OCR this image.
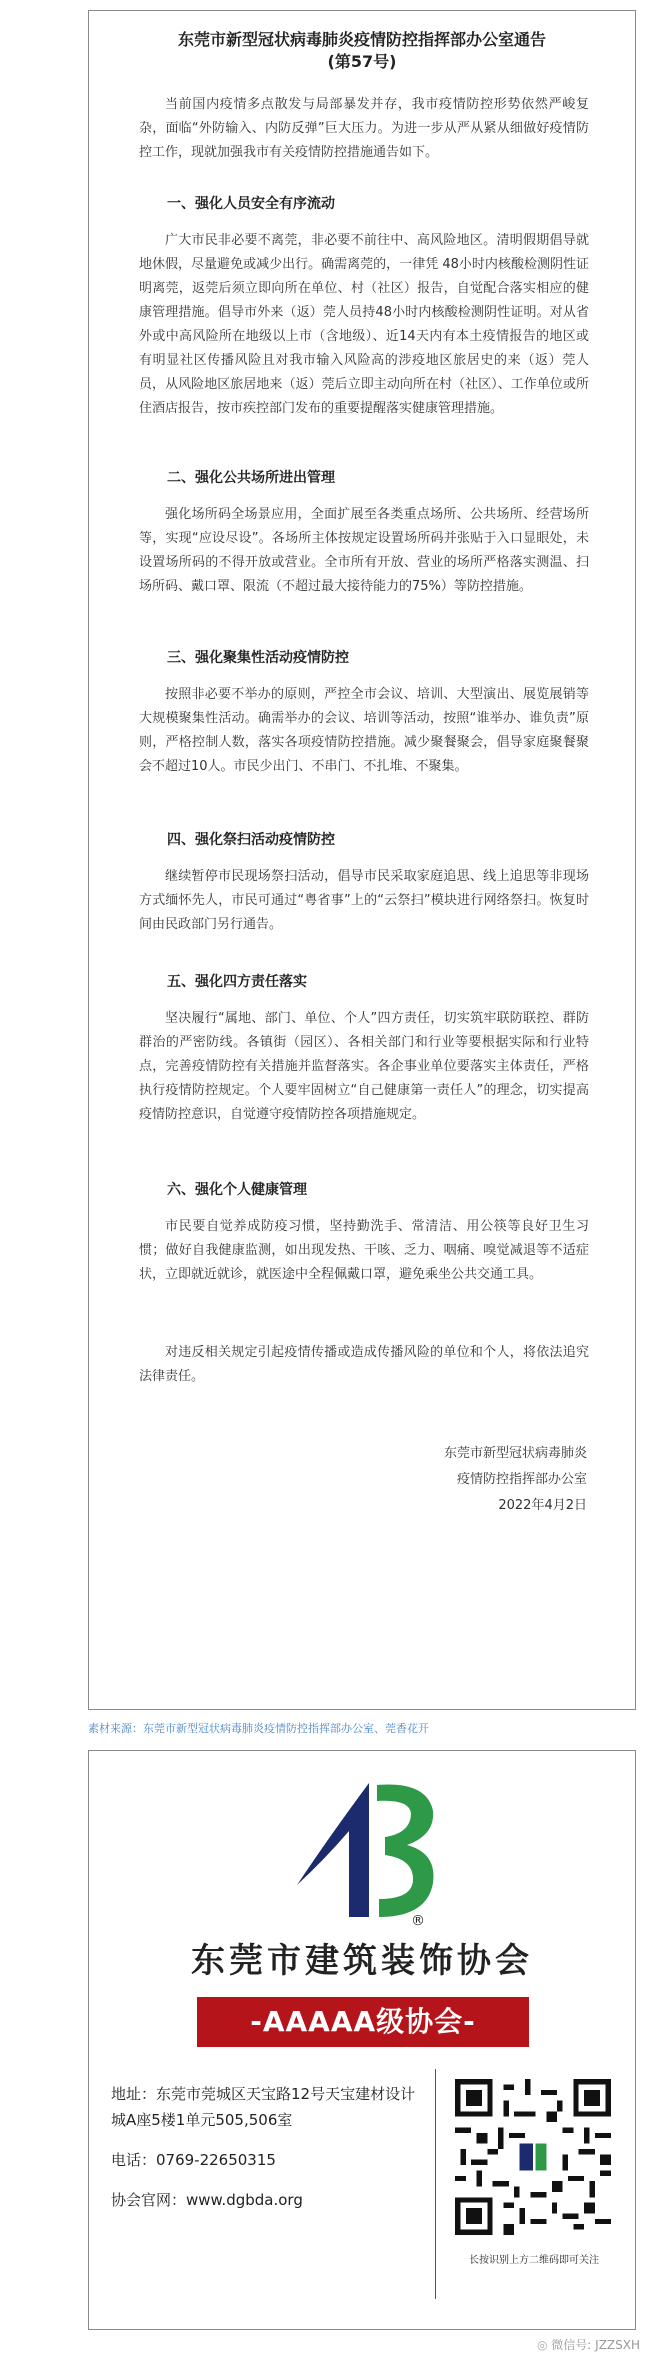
东莞市新型冠状病毒肺炎疫情防控指挥部办公室通告
(第57号)
当前国内疫情多点散发与局部暴发并存，我市疫情防控形势依然严峻复杂，面临“外防输入、内防反弹”巨大压力。为进一步从严从紧从细做好疫情防控工作，现就加强我市有关疫情防控措施通告如下。
一、强化人员安全有序流动
广大市民非必要不离莞，非必要不前往中、高风险地区。清明假期倡导就地休假，尽量避免或减少出行。确需离莞的，一律凭 48小时内核酸检测阴性证明离莞，返莞后须立即向所在单位、村（社区）报告，自觉配合落实相应的健康管理措施。倡导市外来（返）莞人员持48小时内核酸检测阴性证明。对从省外或中高风险所在地级以上市（含地级）、近14天内有本土疫情报告的地区或有明显社区传播风险且对我市输入风险高的涉疫地区旅居史的来（返）莞人员，从风险地区旅居地来（返）莞后立即主动向所在村（社区）、工作单位或所住酒店报告，按市疾控部门发布的重要提醒落实健康管理措施。
二、强化公共场所进出管理
强化场所码全场景应用，全面扩展至各类重点场所、公共场所、经营场所等，实现“应设尽设”。各场所主体按规定设置场所码并张贴于入口显眼处，未设置场所码的不得开放或营业。全市所有开放、营业的场所严格落实测温、扫场所码、戴口罩、限流（不超过最大接待能力的75%）等防控措施。
三、强化聚集性活动疫情防控
按照非必要不举办的原则，严控全市会议、培训、大型演出、展览展销等大规模聚集性活动。确需举办的会议、培训等活动，按照“谁举办、谁负责”原则，严格控制人数，落实各项疫情防控措施。减少聚餐聚会，倡导家庭聚餐聚会不超过10人。市民少出门、不串门、不扎堆、不聚集。
四、强化祭扫活动疫情防控
继续暂停市民现场祭扫活动，倡导市民采取家庭追思、线上追思等非现场方式缅怀先人，市民可通过“粤省事”上的“云祭扫”模块进行网络祭扫。恢复时间由民政部门另行通告。
五、强化四方责任落实
坚决履行“属地、部门、单位、个人”四方责任，切实筑牢联防联控、群防群治的严密防线。各镇街（园区）、各相关部门和行业等要根据实际和行业特点，完善疫情防控有关措施并监督落实。各企事业单位要落实主体责任，严格执行疫情防控规定。个人要牢固树立“自己健康第一责任人”的理念，切实提高疫情防控意识，自觉遵守疫情防控各项措施规定。
六、强化个人健康管理
市民要自觉养成防疫习惯，坚持勤洗手、常清洁、用公筷等良好卫生习惯；做好自我健康监测，如出现发热、干咳、乏力、咽痛、嗅觉减退等不适症状，立即就近就诊，就医途中全程佩戴口罩，避免乘坐公共交通工具。
对违反相关规定引起疫情传播或造成传播风险的单位和个人，将依法追究法律责任。
东莞市新型冠状病毒肺炎
疫情防控指挥部办公室
2022年4月2日
素材来源：东莞市新型冠状病毒肺炎疫情防控指挥部办公室、莞香花开
®
东莞市建筑装饰协会
-AAAAA级协会-
地址：东莞市莞城区天宝路12号天宝建材设计城A座5楼1单元505,506室
电话：0769-22650315
协会官网：www.dgbda.org
长按识别上方二维码即可关注
◎ 微信号: JZZSXH
